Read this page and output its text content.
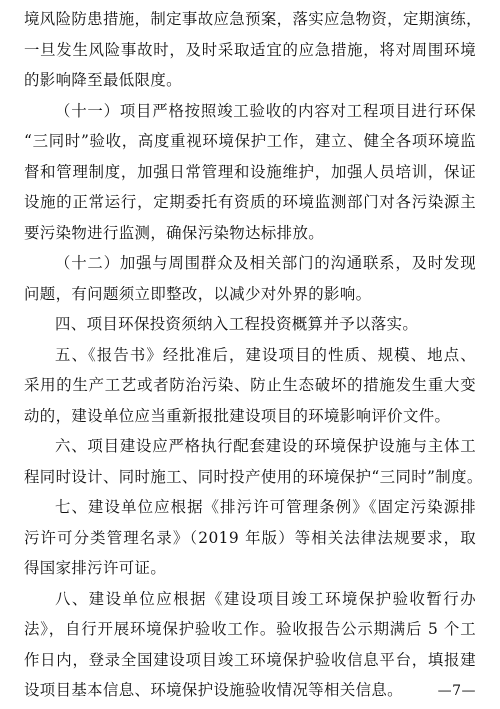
境风险防患措施，制定事故应急预案，落实应急物资，定期演练，
一旦发生风险事故时，及时采取适宜的应急措施，将对周围环境
的影响降至最低限度。
（十一）项目严格按照竣工验收的内容对工程项目进行环保
“三同时”验收，高度重视环境保护工作，建立、健全各项环境监
督和管理制度，加强日常管理和设施维护，加强人员培训，保证
设施的正常运行，定期委托有资质的环境监测部门对各污染源主
要污染物进行监测，确保污染物达标排放。
（十二）加强与周围群众及相关部门的沟通联系，及时发现
问题，有问题须立即整改，以减少对外界的影响。
四、项目环保投资须纳入工程投资概算并予以落实。
五、《报告书》经批准后，建设项目的性质、规模、地点、
采用的生产工艺或者防治污染、防止生态破坏的措施发生重大变
动的，建设单位应当重新报批建设项目的环境影响评价文件。
六、项目建设应严格执行配套建设的环境保护设施与主体工
程同时设计、同时施工、同时投产使用的环境保护“三同时”制度。
七、建设单位应根据《排污许可管理条例》《固定污染源排
污许可分类管理名录》（2019 年版）等相关法律法规要求，取
得国家排污许可证。
八、建设单位应根据《建设项目竣工环境保护验收暂行办
法》，自行开展环境保护验收工作。验收报告公示期满后 5 个工
作日内，登录全国建设项目竣工环境保护验收信息平台，填报建
设项目基本信息、环境保护设施验收情况等相关信息。	—7—
